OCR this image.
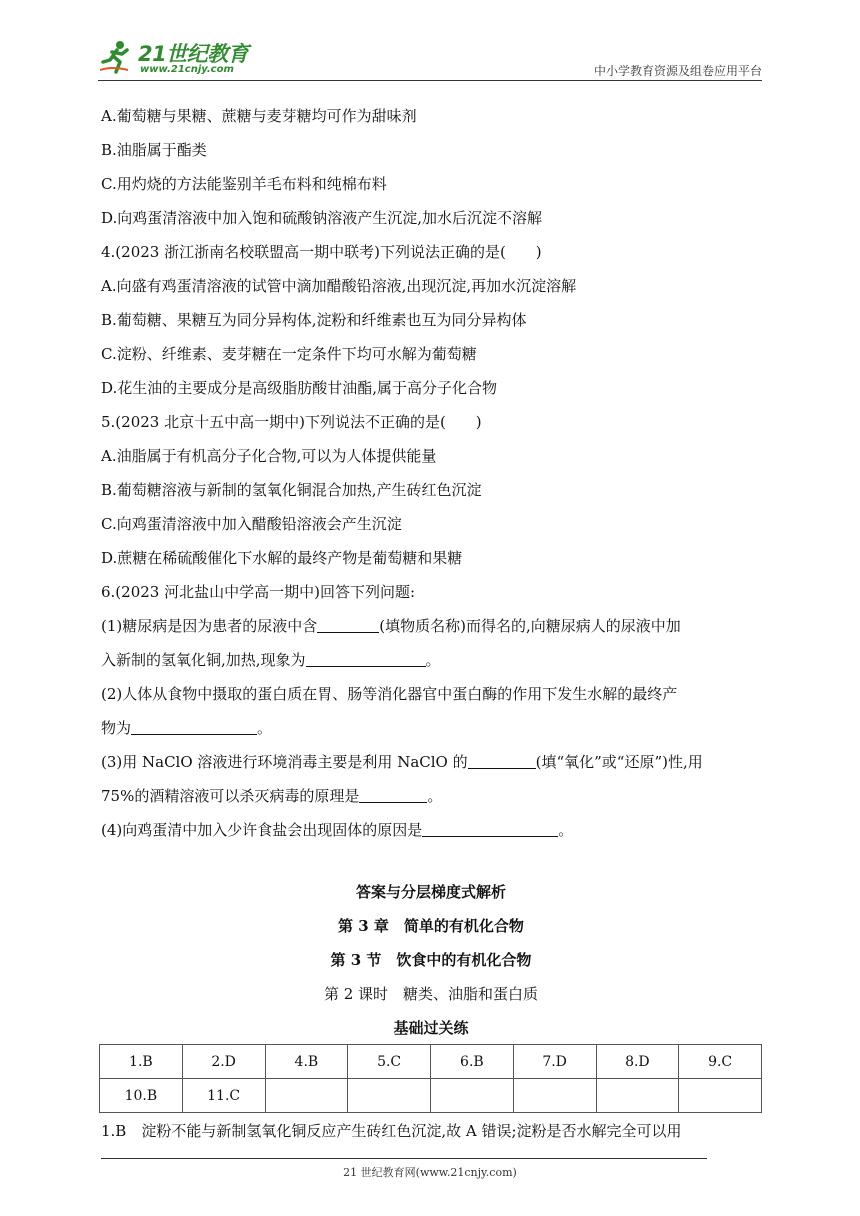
21世纪教育
www.21cnjy.com	中小学教育资源及组卷应用平台
A.葡萄糖与果糖、蔗糖与麦芽糖均可作为甜味剂
B.油脂属于酯类
C.用灼烧的方法能鉴别羊毛布料和纯棉布料
D.向鸡蛋清溶液中加入饱和硫酸钠溶液产生沉淀,加水后沉淀不溶解
4.(2023 浙江浙南名校联盟高一期中联考)下列说法正确的是(　　)
A.向盛有鸡蛋清溶液的试管中滴加醋酸铅溶液,出现沉淀,再加水沉淀溶解
B.葡萄糖、果糖互为同分异构体,淀粉和纤维素也互为同分异构体
C.淀粉、纤维素、麦芽糖在一定条件下均可水解为葡萄糖
D.花生油的主要成分是高级脂肪酸甘油酯,属于高分子化合物
5.(2023 北京十五中高一期中)下列说法不正确的是(　　)
A.油脂属于有机高分子化合物,可以为人体提供能量
B.葡萄糖溶液与新制的氢氧化铜混合加热,产生砖红色沉淀
C.向鸡蛋清溶液中加入醋酸铅溶液会产生沉淀
D.蔗糖在稀硫酸催化下水解的最终产物是葡萄糖和果糖
6.(2023 河北盐山中学高一期中)回答下列问题:
(1)糖尿病是因为患者的尿液中含	(填物质名称)而得名的,向糖尿病人的尿液中加
入新制的氢氧化铜,加热,现象为	。
(2)人体从食物中摄取的蛋白质在胃、肠等消化器官中蛋白酶的作用下发生水解的最终产
物为	。
(3)用 NaClO 溶液进行环境消毒主要是利用 NaClO 的	(填“氧化”或“还原”)性,用
75%的酒精溶液可以杀灭病毒的原理是	。
(4)向鸡蛋清中加入少许食盐会出现固体的原因是	。
答案与分层梯度式解析
第 3 章　简单的有机化合物
第 3 节　饮食中的有机化合物
第 2 课时　糖类、油脂和蛋白质
基础过关练
1.B	2.D	4.B	5.C	6.B	7.D	8.D	9.C
10.B	11.C						
1.B　淀粉不能与新制氢氧化铜反应产生砖红色沉淀,故 A 错误;淀粉是否水解完全可以用
21 世纪教育网(www.21cnjy.com)
